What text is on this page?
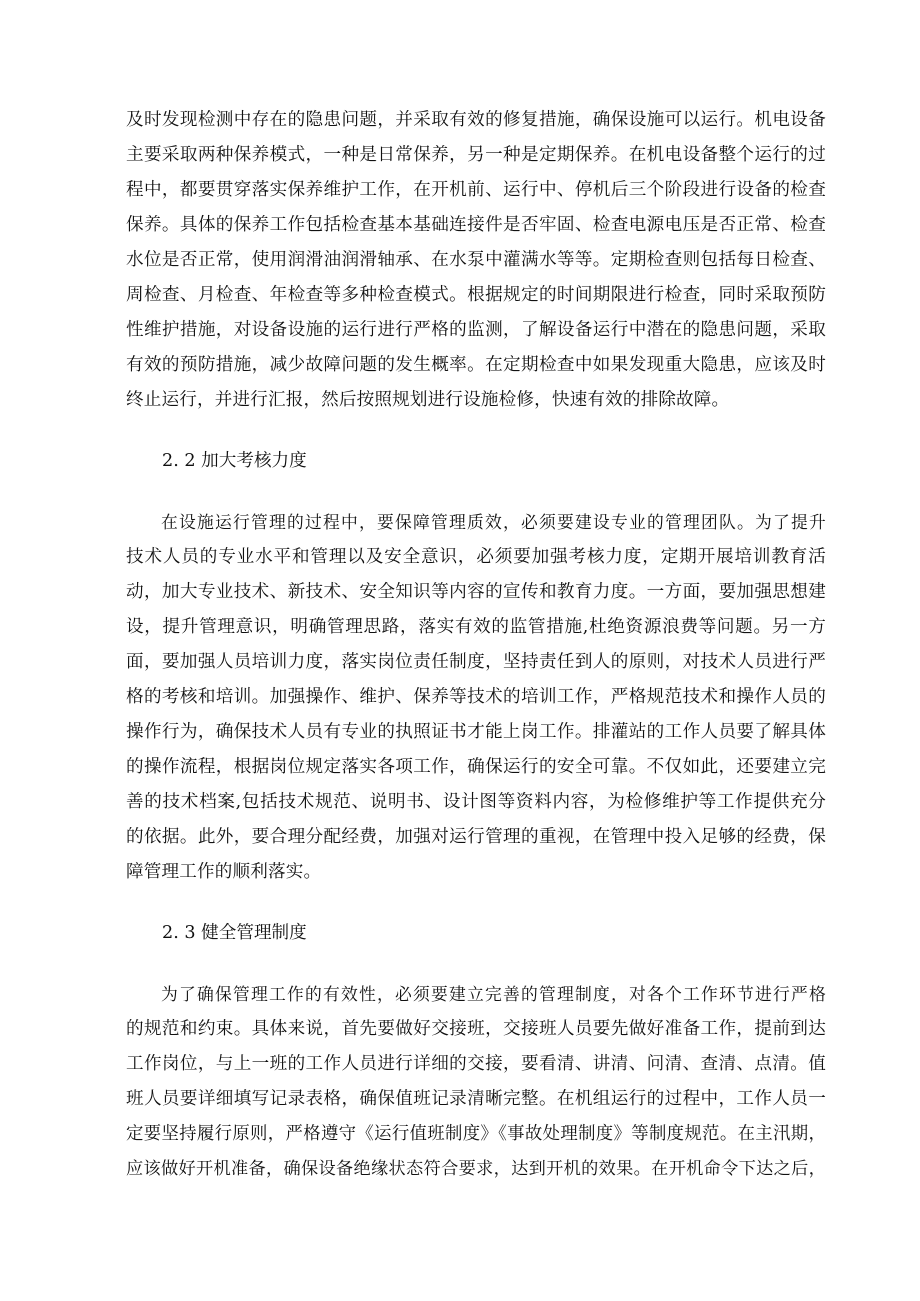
及时发现检测中存在的隐患问题，并采取有效的修复措施，确保设施可以运行。机电设备
主要采取两种保养模式，一种是日常保养，另一种是定期保养。在机电设备整个运行的过
程中，都要贯穿落实保养维护工作，在开机前、运行中、停机后三个阶段进行设备的检查
保养。具体的保养工作包括检查基本基础连接件是否牢固、检查电源电压是否正常、检查
水位是否正常，使用润滑油润滑轴承、在水泵中灌满水等等。定期检查则包括每日检查、
周检查、月检查、年检查等多种检查模式。根据规定的时间期限进行检查，同时采取预防
性维护措施，对设备设施的运行进行严格的监测，了解设备运行中潜在的隐患问题，采取
有效的预防措施，减少故障问题的发生概率。在定期检查中如果发现重大隐患，应该及时
终止运行，并进行汇报，然后按照规划进行设施检修，快速有效的排除故障。
2. 2 加大考核力度
在设施运行管理的过程中，要保障管理质效，必须要建设专业的管理团队。为了提升
技术人员的专业水平和管理以及安全意识，必须要加强考核力度，定期开展培训教育活
动，加大专业技术、新技术、安全知识等内容的宣传和教育力度。一方面，要加强思想建
设，提升管理意识，明确管理思路，落实有效的监管措施,杜绝资源浪费等问题。另一方
面，要加强人员培训力度，落实岗位责任制度，坚持责任到人的原则，对技术人员进行严
格的考核和培训。加强操作、维护、保养等技术的培训工作，严格规范技术和操作人员的
操作行为，确保技术人员有专业的执照证书才能上岗工作。排灌站的工作人员要了解具体
的操作流程，根据岗位规定落实各项工作，确保运行的安全可靠。不仅如此，还要建立完
善的技术档案,包括技术规范、说明书、设计图等资料内容，为检修维护等工作提供充分
的依据。此外，要合理分配经费，加强对运行管理的重视，在管理中投入足够的经费，保
障管理工作的顺利落实。
2. 3 健全管理制度
为了确保管理工作的有效性，必须要建立完善的管理制度，对各个工作环节进行严格
的规范和约束。具体来说，首先要做好交接班，交接班人员要先做好准备工作，提前到达
工作岗位，与上一班的工作人员进行详细的交接，要看清、讲清、问清、查清、点清。值
班人员要详细填写记录表格，确保值班记录清晰完整。在机组运行的过程中，工作人员一
定要坚持履行原则，严格遵守《运行值班制度》《事故处理制度》等制度规范。在主汛期，
应该做好开机准备，确保设备绝缘状态符合要求，达到开机的效果。在开机命令下达之后，
